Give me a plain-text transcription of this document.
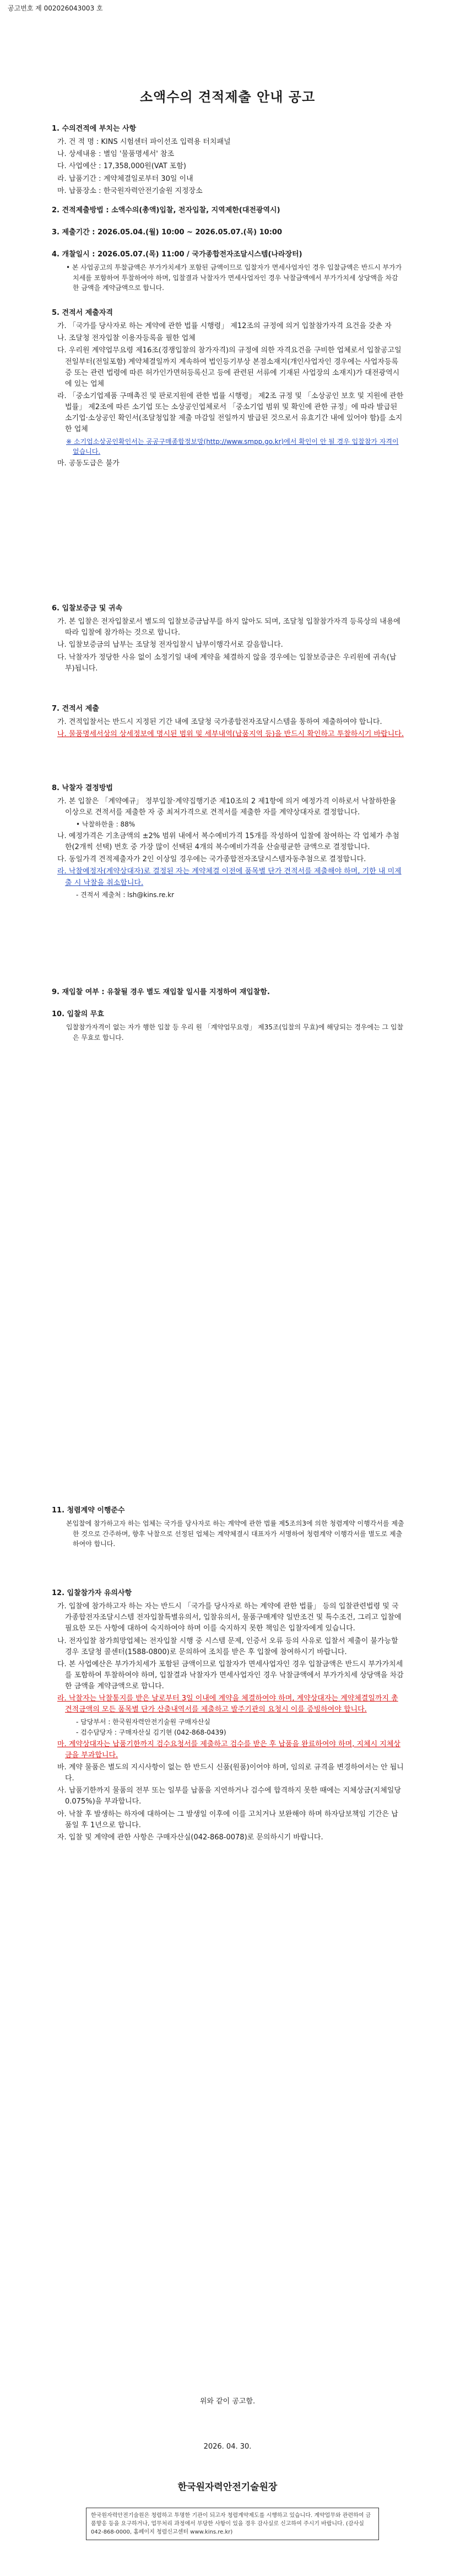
공고번호 제 002026043003 호
소액수의 견적제출 안내 공고
1. 수의견적에 부치는 사항
가. 건 적 명 : KINS 시험센터 파이선조 입력용 터치패널
나. 상세내용 : 별임 '물품명세서' 참조
다. 사업예산 : 17,358,000원(VAT 포함)
라. 납품기간 : 계약체결일로부터 30일 이내
마. 납품장소 : 한국원자력안전기술원 지정장소
2. 견적제출방법 : 소액수의(총액)입찰, 전자입찰, 지역제한(대전광역시)
3. 제출기간 : 2026.05.04.(월) 10:00 ~ 2026.05.07.(목) 10:00
4. 개찰일시 : 2026.05.07.(목) 11:00 / 국가종합전자조달시스템(나라장터)
• 본 사업공고의 투찰금액은 부가가치세가 포함된 금액이므로 입찰자가 면세사업자인 경우 입찰금액은 반드시 부가가치세를 포함하여 투찰하여야 하며, 입찰결과 낙찰자가 면세사업자인 경우 낙찰금액에서 부가가치세 상당액을 차감한 금액을 계약금액으로 합니다.
5. 견적서 제출자격
가. 「국가를 당사자로 하는 계약에 관한 법률 시행령」 제12조의 규정에 의거 입찰참가자격 요건을 갖춘 자
나. 조달청 전자입찰 이용자등록을 필한 업체
다. 우리원 계약업무요령 제16조(경쟁입찰의 참가자격)의 규정에 의한 자격요건을 구비한 업체로서 입찰공고일 전일부터(전일포함) 계약체결일까지 계속하여 법인등기부상 본점소재지(개인사업자인 경우에는 사업자등록증 또는 관련 법령에 따른 허가인가면허등록신고 등에 관련된 서류에 기재된 사업장의 소재지)가 대전광역시에 있는 업체
라. 「중소기업제품 구매촉진 및 판로지원에 관한 법률 시행령」 제2조 규정 및 「소상공인 보호 및 지원에 관한 법률」 제2조에 따른 소기업 또는 소상공인업체로서 「중소기업 범위 및 확인에 관한 규정」에 따라 발급된 소기업·소상공인 확인서(조달청입찰 제출 마감일 전일까지 발급된 것으로서 유효기간 내에 있어야 함)를 소지한 업체
※ 소기업소상공인확인서는 공공구매종합정보망(http://www.smpp.go.kr)에서 확인이 안 될 경우 입찰참가 자격이 없습니다.
마. 공동도급은 불가
6. 입찰보증금 및 귀속
가. 본 입찰은 전자입찰로서 별도의 입찰보증금납부를 하지 않아도 되며, 조달청 입찰참가자격 등록상의 내용에 따라 입찰에 참가하는 것으로 합니다.
나. 입찰보증금의 납부는 조달청 전자입찰시 납부이행각서로 갈음합니다.
다. 낙찰자가 정당한 사유 없이 소정기일 내에 계약을 체결하지 않을 경우에는 입찰보증금은 우리원에 귀속(납부)됩니다.
7. 견적서 제출
가. 견적입찰서는 반드시 지정된 기간 내에 조달청 국가종합전자조달시스템을 통하여 제출하여야 합니다.
나. 물품명세서상의 상세정보에 명시된 범위 및 세부내역(납품지역 등)을 반드시 확인하고 투찰하시기 바랍니다.
8. 낙찰자 결정방법
가. 본 입찰은 「계약예규」 정부입찰·계약집행기준 제10조의 2 제1항에 의거 예정가격 이하로서 낙찰하한율 이상으로 견적서를 제출한 자 중 최저가격으로 견적서를 제출한 자를 계약상대자로 결정합니다.
• 낙찰하한율 : 88%
나. 예정가격은 기초금액의 ±2% 범위 내에서 복수예비가격 15개를 작성하여 입찰에 참여하는 각 업체가 추첨한(2개씩 선택) 번호 중 가장 많이 선택된 4개의 복수예비가격을 산술평균한 금액으로 결정합니다.
다. 동일가격 견적제출자가 2인 이상일 경우에는 국가종합전자조달시스템자동추첨으로 결정합니다.
라. 낙찰예정자(계약상대자)로 결정된 자는 계약체결 이전에 품목별 단가 견적서를 제출해야 하며, 기한 내 미제출 시 낙찰을 취소합니다.
- 견적서 제출처 : lsh@kins.re.kr
9. 재입찰 여부 : 유찰될 경우 별도 재입찰 일시를 지정하여 재입찰함.
10. 입찰의 무효
입찰참가자격이 없는 자가 행한 입찰 등 우리 원 「계약업무요령」 제35조(입찰의 무효)에 해당되는 경우에는 그 입찰은 무효로 합니다.
11. 청렴계약 이행준수
본입찰에 참가하고자 하는 업체는 국가를 당사자로 하는 계약에 관한 법률 제5조의3에 의한 청렴계약 이행각서를 제출한 것으로 간주하며, 향후 낙찰으로 선정된 업체는 계약체결시 대표자가 서명하여 청렴계약 이행각서를 별도로 제출하여야 합니다.
12. 입찰참가자 유의사항
가. 입찰에 참가하고자 하는 자는 반드시 「국가를 당사자로 하는 계약에 관한 법률」 등의 입찰관련법령 및 국가종합전자조달시스템 전자입찰특별유의서, 입찰유의서, 물품구매계약 일반조건 및 특수조건, 그리고 입찰에 필요한 모든 사항에 대하여 숙지하여야 하며 이를 숙지하지 못한 책임은 입찰자에게 있습니다.
나. 전자입찰 참가희망업체는 전자입찰 시행 중 시스템 문제, 인증서 오류 등의 사유로 입찰서 제출이 불가능할 경우 조달청 콜센터(1588-0800)로 문의하여 조치를 받은 후 입찰에 참여하시기 바랍니다.
다. 본 사업예산은 부가가치세가 포함된 금액이므로 입찰자가 면세사업자인 경우 입찰금액은 반드시 부가가치세를 포함하여 투찰하여야 하며, 입찰결과 낙찰자가 면세사업자인 경우 낙찰금액에서 부가가치세 상당액을 차감한 금액을 계약금액으로 합니다.
라. 낙찰자는 낙찰통지를 받은 날로부터 3일 이내에 계약을 체결하여야 하며, 계약상대자는 계약체결일까지 총 견적금액의 모든 품목별 단가 산출내역서를 제출하고 발주기관의 요청시 이를 증빙하여야 합니다.
- 담당부서 : 한국원자력안전기술원 구매자산실
- 검수담당자 : 구매자산실 김기현 (042-868-0439)
마. 계약상대자는 납품기한까지 검수요청서를 제출하고 검수를 받은 후 납품을 완료하여야 하며, 지체시 지체상금을 부과합니다.
바. 계약 물품은 별도의 지시사항이 없는 한 반드시 신품(원품)이어야 하며, 임의로 규격을 변경하여서는 안 됩니다.
사. 납품기한까지 물품의 전부 또는 일부를 납품을 지연하거나 검수에 합격하지 못한 때에는 지체상금(지체일당 0.075%)을 부과합니다.
아. 낙찰 후 발생하는 하자에 대하여는 그 발생일 이후에 이를 고치거나 보완해야 하며 하자담보책임 기간은 납품일 후 1년으로 합니다.
자. 입찰 및 계약에 관한 사항은 구매자산실(042-868-0078)로 문의하시기 바랍니다.
위와 같이 공고함.
2026. 04. 30.
한국원자력안전기술원장
한국원자력안전기술원은 청렴하고 투명한 기관이 되고자 청렴계약제도를 시행하고 있습니다. 계약업무와 관련하여 금품향응 등을 요구하거나, 업무처리 과정에서 부당한 사항이 있을 경우 감사실로 신고하여 주시기 바랍니다. (감사실 042-868-0000, 홈페이지 청렴신고센터 www.kins.re.kr)
